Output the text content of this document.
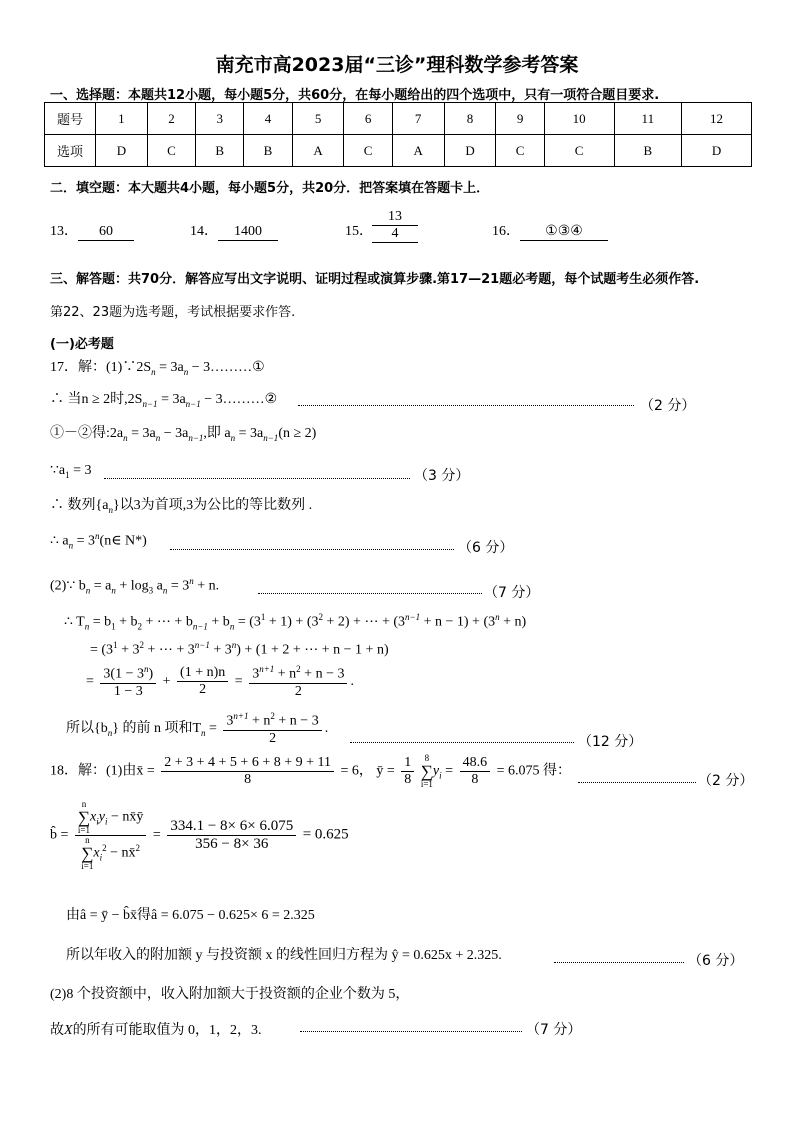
南充市高2023届“三诊”理科数学参考答案
一、选择题：本题共12小题，每小题5分，共60分，在每小题给出的四个选项中，只有一项符合题目要求.
题号	1	2	3	4	5	6	7	8	9	10	11	12
选项	D	C	B	B	A	C	A	D	C	C	B	D
二．填空题：本大题共4小题，每小题5分，共20分．把答案填在答题卡上．
13． 60	14． 1400	15． $\frac{13}{4}$	16． ①③④
三、解答题：共70分．解答应写出文字说明、证明过程或演算步骤.第17—21题必考题，每个试题考生必须作答.
第22、23题为选考题，考试根据要求作答.
(一)必考题
17．解：$(1)\because 2S_n = 3a_n$ − 3………①
∴ 当n ≥ 2时$,2S_{n-1} = 3a_{n-1}$ − 3………②	（2 分）
①－②得$:2a_n = 3a_n - 3a_{n-1}$,即 $a_n = 3a_{n-1}(n \ge 2)$
$\because a_1 = 3$	（3 分）
∴ 数列$\{a_n\}$以3为首项,3为公比的等比数列 .
∴ $a_n$ = $3^n(n\in$ N*)	（6 分）
(2)∵ $b_n = a_n + \log_3 a_n = 3^n + n$.	（7 分）
∴ $T_n = b_1 + b_2$ + ⋯ + $b_{n-1} + b_n = (3^1 + 1) + (3^2 + 2)$ + ⋯ + $(3^{n-1} + n - 1) + (3^n + n)$
= ($3^1 + 3^2$ + ⋯ + $3^{n-1} + 3^n) + (1 + 2$ + ⋯ + n − 1 + n)
= $\frac{3(1 - 3^n)}{1 - 3} + \frac{(1 + n)n}{2} = \frac{3^{n+1} + n^2 + n - 3}{2}$ .
所以$\{b_n\}$ 的前 n 项和$T_n = \frac{3^{n+1} + n^2 + n - 3}{2}$ .
（12 分）
18．解：(1)由x̄ = $\frac{2 + 3 + 4 + 5 + 6 + 8 + 9 + 11}{8} = 6$， ȳ = $\frac{1}{8}$
	8
∑
i=1
$y_i = \frac{48.6}{8} = 6.075$ 得：
（2 分）
b̂ = n
∑
i=1
$x_iy_i$ − nx̄ȳ
n
∑
i=1
$x_i^2$ − nx̄$^2$ = $\frac{334.1 - 8\times 6\times 6.075}{356 - 8\times 36} = 0.625$
由â = ȳ − b̂x̄得â = 6.075 − 0.625× 6 = 2.325
所以年收入的附加额 y 与投资额 x 的线性回归方程为 ŷ = 0.625x + 2.325.	（6 分）
(2)8 个投资额中，收入附加额大于投资额的企业个数为 5，
故X的所有可能取值为 0，1，2，3.	（7 分）
